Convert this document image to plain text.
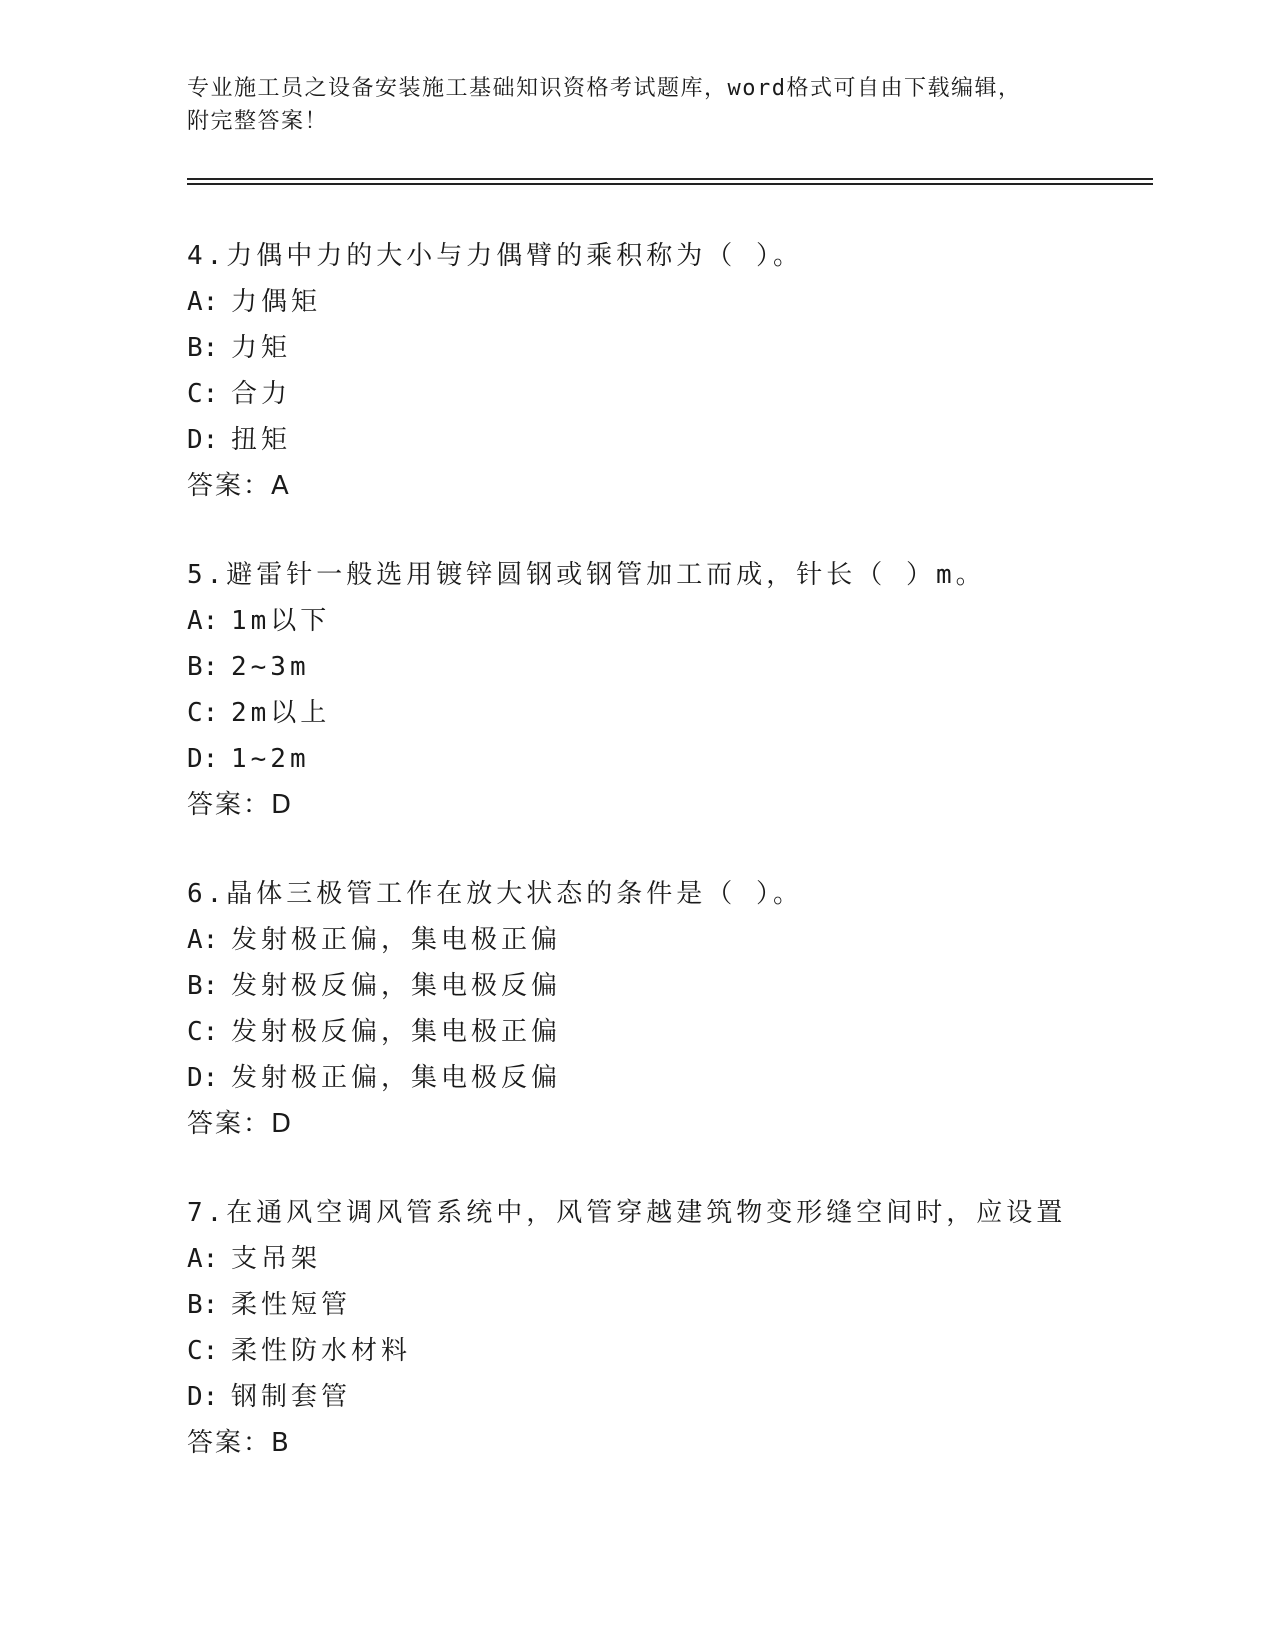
专业施工员之设备安装施工基础知识资格考试题库，word格式可自由下载编辑，
附完整答案！
4.力偶中力的大小与力偶臂的乘积称为（ ）。
A: 力偶矩
B: 力矩
C: 合力
D: 扭矩
答案：A
5.避雷针一般选用镀锌圆钢或钢管加工而成，针长（ ）m。
A: 1m以下
B: 2~3m
C: 2m以上
D: 1~2m
答案：D
6.晶体三极管工作在放大状态的条件是（ ）。
A: 发射极正偏，集电极正偏
B: 发射极反偏，集电极反偏
C: 发射极反偏，集电极正偏
D: 发射极正偏，集电极反偏
答案：D
7.在通风空调风管系统中，风管穿越建筑物变形缝空间时，应设置
A: 支吊架
B: 柔性短管
C: 柔性防水材料
D: 钢制套管
答案：B
